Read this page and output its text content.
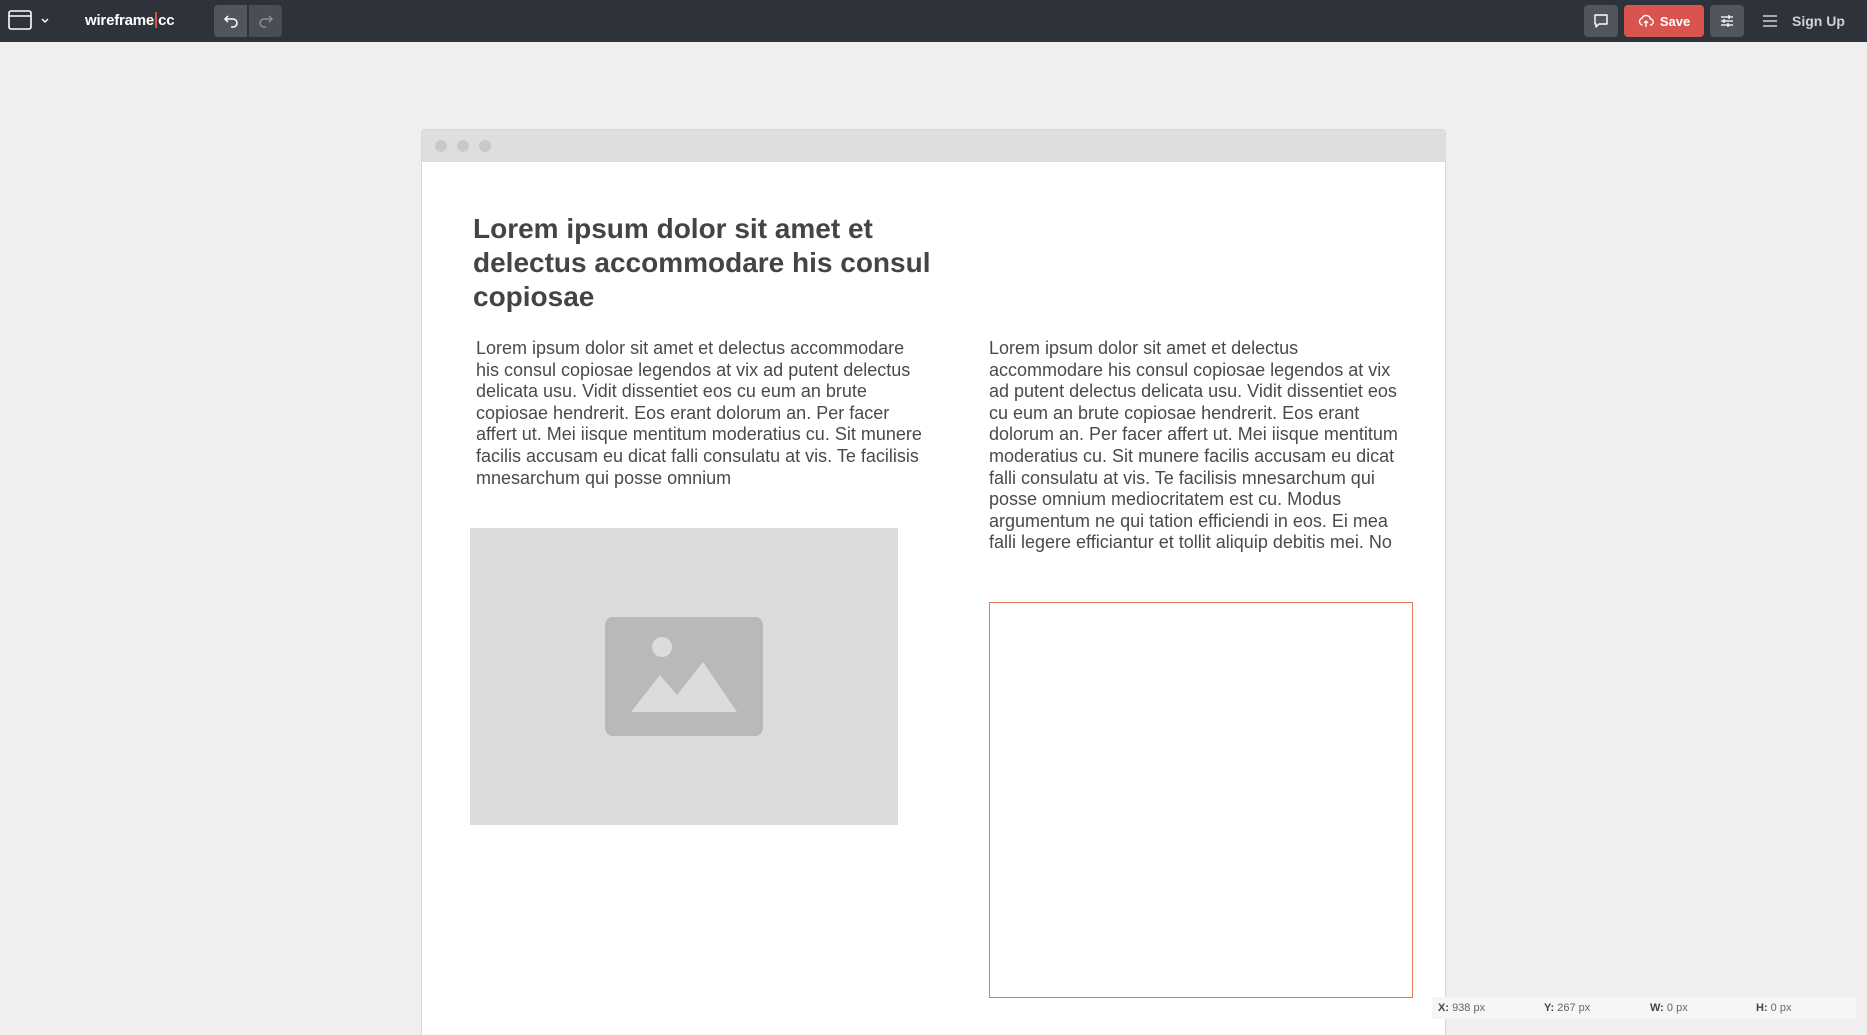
wireframe cc	Save	Sign Up
Lorem ipsum dolor sit amet et delectus accommodare his consul copiosae
Lorem ipsum dolor sit amet et delectus accommodare his consul copiosae legendos at vix ad putent delectus delicata usu. Vidit dissentiet eos cu eum an brute copiosae hendrerit. Eos erant dolorum an. Per facer affert ut. Mei iisque mentitum moderatius cu. Sit munere facilis accusam eu dicat falli consulatu at vis. Te facilisis mnesarchum qui posse omnium
Lorem ipsum dolor sit amet et delectus accommodare his consul copiosae legendos at vix ad putent delectus delicata usu. Vidit dissentiet eos cu eum an brute copiosae hendrerit. Eos erant dolorum an. Per facer affert ut. Mei iisque mentitum moderatius cu. Sit munere facilis accusam eu dicat falli consulatu at vis. Te facilisis mnesarchum qui posse omnium mediocritatem est cu. Modus argumentum ne qui tation efficiendi in eos. Ei mea falli legere efficiantur et tollit aliquip debitis mei. No
X: 938 px	Y: 267 px	W: 0 px	H: 0 px
